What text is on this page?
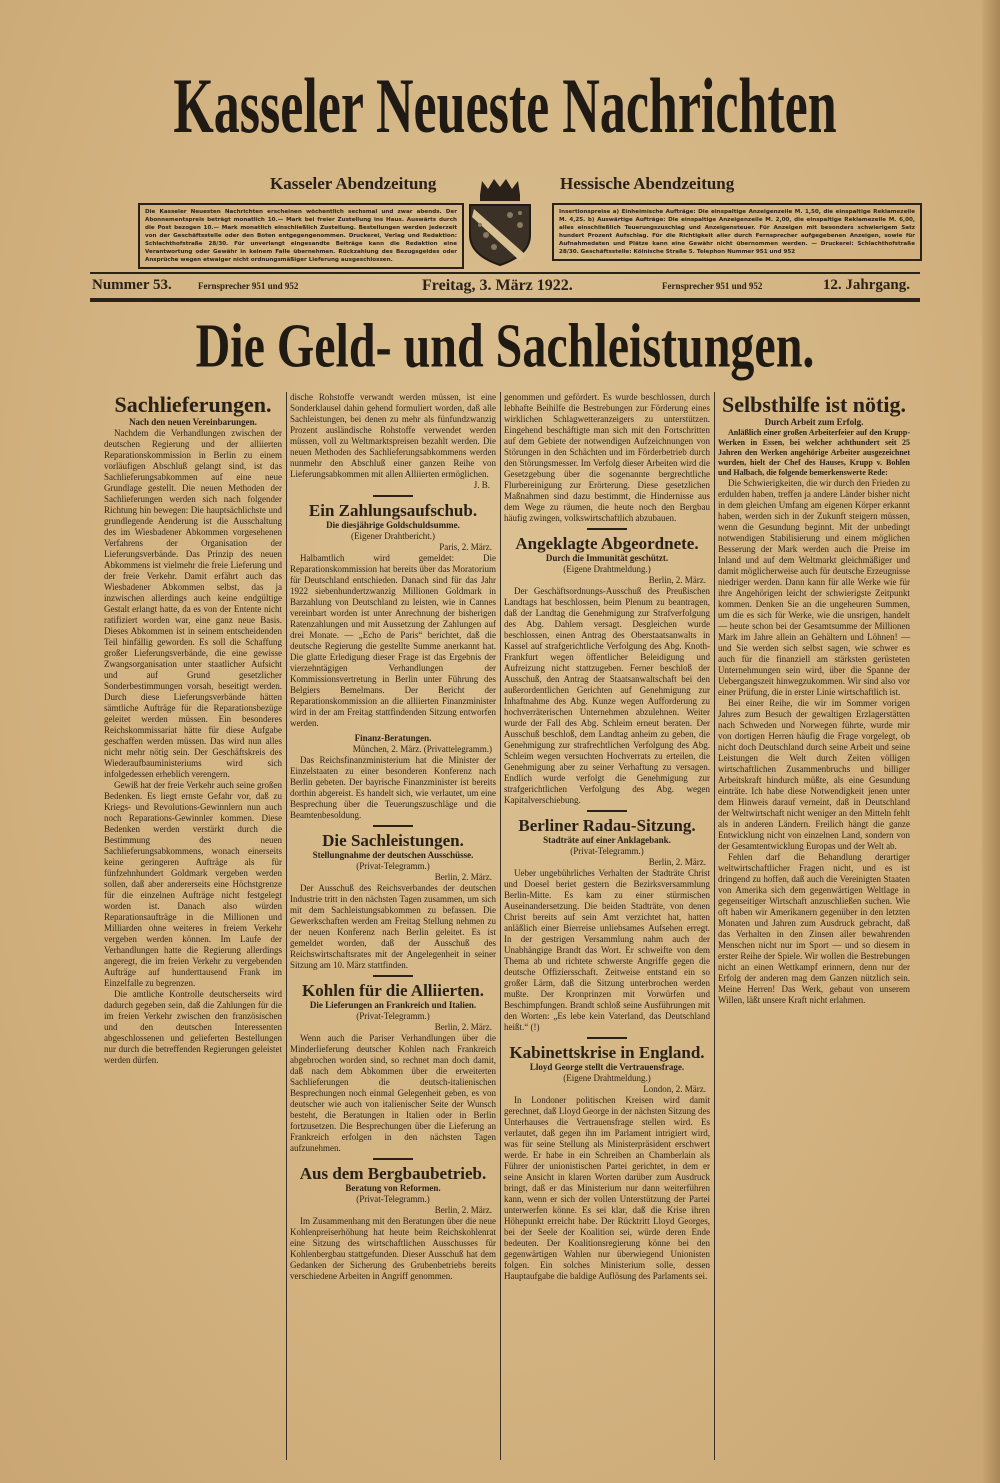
Kasseler Neueste Nachrichten
Kasseler Abendzeitung	Hessische Abendzeitung
Die Kasseler Neuesten Nachrichten erscheinen wöchentlich sechsmal und zwar abends. Der Abonnementspreis beträgt monatlich 10.— Mark bei freier Zustellung ins Haus. Auswärts durch die Post bezogen 10.— Mark monatlich einschließlich Zustellung. Bestellungen werden jederzeit von der Geschäftsstelle oder den Boten entgegengenommen. Druckerei, Verlag und Redaktion: Schlachthofstraße 28/30. Für unverlangt eingesandte Beiträge kann die Redaktion eine Verantwortung oder Gewähr in keinem Falle übernehmen. Rückzahlung des Bezugsgeldes oder Ansprüche wegen etwaiger nicht ordnungsmäßiger Lieferung ausgeschlossen.
Insertionspreise a) Einheimische Aufträge: Die einspaltige Anzeigenzeile M. 1,50, die einspaltige Reklamezeile M. 4,25. b) Auswärtige Aufträge: Die einspaltige Anzeigenzeile M. 2,00, die einspaltige Reklamezeile M. 6,00, alles einschließlich Teuerungszuschlag und Anzeigensteuer. Für Anzeigen mit besonders schwierigem Satz hundert Prozent Aufschlag. Für die Richtigkeit aller durch Fernsprecher aufgegebenen Anzeigen, sowie für Aufnahmedaten und Plätze kann eine Gewähr nicht übernommen werden. — Druckerei: Schlachthofstraße 28/30. Geschäftsstelle: Kölnische Straße 5. Telephon Nummer 951 und 952
Nummer 53.	Fernsprecher 951 und 952	Freitag, 3. März 1922.	Fernsprecher 951 und 952	12. Jahrgang.
Die Geld- und Sachleistungen.
Sachlieferungen.
Nach den neuen Vereinbarungen.

Nachdem die Verhandlungen zwischen der deutschen Regierung und der alliierten Reparationskommission in Berlin zu einem vorläufigen Abschluß gelangt sind, ist das Sachlieferungsabkommen auf eine neue Grundlage gestellt. Die neuen Methoden der Sachlieferungen werden sich nach folgender Richtung hin bewegen: Die hauptsächlichste und grundlegende Aenderung ist die Ausschaltung des im Wiesbadener Abkommen vorgesehenen Verfahrens der Organisation der Lieferungsverbände. Das Prinzip des neuen Abkommens ist vielmehr die freie Lieferung und der freie Verkehr. Damit erfährt auch das Wiesbadener Abkommen selbst, das ja inzwischen allerdings auch keine endgültige Gestalt erlangt hatte, da es von der Entente nicht ratifiziert worden war, eine ganz neue Basis. Dieses Abkommen ist in seinem entscheidenden Teil hinfällig geworden. Es soll die Schaffung großer Lieferungsverbände, die eine gewisse Zwangsorganisation unter staatlicher Aufsicht und auf Grund gesetzlicher Sonderbestimmungen vorsah, beseitigt werden. Durch diese Lieferungsverbände hätten sämtliche Aufträge für die Reparationsbezüge geleitet werden müssen. Ein besonderes Reichskommissariat hätte für diese Aufgabe geschaffen werden müssen. Das wird nun alles nicht mehr nötig sein. Der Geschäftskreis des Wiederaufbauministeriums wird sich infolgedessen erheblich verengern.

Gewiß hat der freie Verkehr auch seine großen Bedenken. Es liegt ernste Gefahr vor, daß zu Kriegs- und Revolutions-Gewinnlern nun auch noch Reparations-Gewinnler kommen. Diese Bedenken werden verstärkt durch die Bestimmung des neuen Sachlieferungsabkommens, wonach einerseits keine geringeren Aufträge als für fünfzehnhundert Goldmark vergeben werden sollen, daß aber andererseits eine Höchstgrenze für die einzelnen Aufträge nicht festgelegt worden ist. Danach also würden Reparationsaufträge in die Millionen und Milliarden ohne weiteres in freiem Verkehr vergeben werden können. Im Laufe der Verhandlungen hatte die Regierung allerdings angeregt, die im freien Verkehr zu vergebenden Aufträge auf hunderttausend Frank im Einzelfalle zu begrenzen.

Die amtliche Kontrolle deutscherseits wird dadurch gegeben sein, daß die Zahlungen für die im freien Verkehr zwischen den französischen und den deutschen Interessenten abgeschlossenen und gelieferten Bestellungen nur durch die betreffenden Regierungen geleistet werden dürfen.

dische Rohstoffe verwandt werden müssen, ist eine Sonderklausel dahin gehend formuliert worden, daß alle Sachleistungen, bei denen zu mehr als fünfundzwanzig Prozent ausländische Rohstoffe verwendet werden müssen, voll zu Weltmarktspreisen bezahlt werden. Die neuen Methoden des Sachlieferungsabkommens werden nunmehr den Abschluß einer ganzen Reihe von Lieferungsabkommen mit allen Alliierten ermöglichen.

J. B.
Ein Zahlungsaufschub.
Die diesjährige Goldschuldsumme.
(Eigener Drahtbericht.)
Paris, 2. März.

Halbamtlich wird gemeldet: Die Reparationskommission hat bereits über das Moratorium für Deutschland entschieden. Danach sind für das Jahr 1922 siebenhundertzwanzig Millionen Goldmark in Barzahlung von Deutschland zu leisten, wie in Cannes vereinbart worden ist unter Anrechnung der bisherigen Ratenzahlungen und mit Aussetzung der Zahlungen auf drei Monate. — „Echo de Paris“ berichtet, daß die deutsche Regierung die gestellte Summe anerkannt hat. Die glatte Erledigung dieser Frage ist das Ergebnis der vierzehntägigen Verhandlungen der Kommissionsvertretung in Berlin unter Führung des Belgiers Bemelmans. Der Bericht der Reparationskommission an die alliierten Finanzminister wird in der am Freitag stattfindenden Sitzung entworfen werden.

Finanz-Beratungen.
München, 2. März. (Privattelegramm.)

Das Reichsfinanzministerium hat die Minister der Einzelstaaten zu einer besonderen Konferenz nach Berlin gebeten. Der bayrische Finanzminister ist bereits dorthin abgereist. Es handelt sich, wie verlautet, um eine Besprechung über die Teuerungszuschläge und die Beamtenbesoldung.

Die Sachleistungen.
Stellungnahme der deutschen Ausschüsse.
(Privat-Telegramm.)
Berlin, 2. März.

Der Ausschuß des Reichsverbandes der deutschen Industrie tritt in den nächsten Tagen zusammen, um sich mit dem Sachleistungsabkommen zu befassen. Die Gewerkschaften werden am Freitag Stellung nehmen zu der neuen Konferenz nach Berlin geleitet. Es ist gemeldet worden, daß der Ausschuß des Reichswirtschaftsrates mit der Angelegenheit in seiner Sitzung am 10. März stattfinden.

Kohlen für die Alliierten.
Die Lieferungen an Frankreich und Italien.
(Privat-Telegramm.)
Berlin, 2. März.

Wenn auch die Pariser Verhandlungen über die Minderlieferung deutscher Kohlen nach Frankreich abgebrochen worden sind, so rechnet man doch damit, daß nach dem Abkommen über die erweiterten Sachlieferungen die deutsch-italienischen Besprechungen noch einmal Gelegenheit geben, es von deutscher wie auch von italienischer Seite der Wunsch besteht, die Beratungen in Italien oder in Berlin fortzusetzen. Die Besprechungen über die Lieferung an Frankreich erfolgen in den nächsten Tagen aufzunehmen.

Aus dem Bergbaubetrieb.
Beratung von Reformen.
(Privat-Telegramm.)
Berlin, 2. März.

Im Zusammenhang mit den Beratungen über die neue Kohlenpreiserhöhung hat heute beim Reichskohlenrat eine Sitzung des wirtschaftlichen Ausschusses für Kohlenbergbau stattgefunden. Dieser Ausschuß hat dem Gedanken der Sicherung des Grubenbetriebs bereits verschiedene Arbeiten in Angriff genommen.

genommen und gefördert. Es wurde beschlossen, durch lebhafte Beihilfe die Bestrebungen zur Förderung eines wirklichen Schlagwetteranzeigers zu unterstützen. Eingehend beschäftigte man sich mit den Fortschritten auf dem Gebiete der notwendigen Aufzeichnungen von Störungen in den Schächten und im Förderbetrieb durch den Störungsmesser. Im Verfolg dieser Arbeiten wird die Gesetzgebung über die sogenannte bergrechtliche Flurbereinigung zur Erörterung. Diese gesetzlichen Maßnahmen sind dazu bestimmt, die Hindernisse aus dem Wege zu räumen, die heute noch den Bergbau häufig zwingen, volkswirtschaftlich abzubauen.

Angeklagte Abgeordnete.
Durch die Immunität geschützt.
(Eigene Drahtmeldung.)
Berlin, 2. März.

Der Geschäftsordnungs-Ausschuß des Preußischen Landtags hat beschlossen, beim Plenum zu beantragen, daß der Landtag die Genehmigung zur Strafverfolgung des Abg. Dahlem versagt. Desgleichen wurde beschlossen, einen Antrag des Oberstaatsanwalts in Kassel auf strafgerichtliche Verfolgung des Abg. Knoth-Frankfurt wegen öffentlicher Beleidigung und Aufreizung nicht stattzugeben. Ferner beschloß der Ausschuß, den Antrag der Staatsanwaltschaft bei den außerordentlichen Gerichten auf Genehmigung zur Inhaftnahme des Abg. Kunze wegen Aufforderung zu hochverräterischen Unternehmen abzulehnen. Weiter wurde der Fall des Abg. Schleim erneut beraten. Der Ausschuß beschloß, dem Landtag anheim zu geben, die Genehmigung zur strafrechtlichen Verfolgung des Abg. Schleim wegen versuchten Hochverrats zu erteilen, die Genehmigung aber zu seiner Verhaftung zu versagen. Endlich wurde verfolgt die Genehmigung zur strafgerichtlichen Verfolgung des Abg. wegen Kapitalverschiebung.

Berliner Radau-Sitzung.
Stadträte auf einer Anklagebank.
(Privat-Telegramm.)
Berlin, 2. März.

Ueber ungebührliches Verhalten der Stadträte Christ und Doesel beriet gestern die Bezirksversammlung Berlin-Mitte. Es kam zu einer stürmischen Auseinandersetzung. Die beiden Stadträte, von denen Christ bereits auf sein Amt verzichtet hat, hatten anläßlich einer Bierreise unliebsames Aufsehen erregt. In der gestrigen Versammlung nahm auch der Unabhängige Brandt das Wort. Er schweifte von dem Thema ab und richtete schwerste Angriffe gegen die deutsche Offiziersschaft. Zeitweise entstand ein so großer Lärm, daß die Sitzung unterbrochen werden mußte. Der Kronprinzen mit Vorwürfen und Beschimpfungen. Brandt schloß seine Ausführungen mit den Worten: „Es lebe kein Vaterland, das Deutschland heißt.“ (!)

Kabinettskrise in England.
Lloyd George stellt die Vertrauensfrage.
(Eigene Drahtmeldung.)
London, 2. März.

In Londoner politischen Kreisen wird damit gerechnet, daß Lloyd George in der nächsten Sitzung des Unterhauses die Vertrauensfrage stellen wird. Es verlautet, daß gegen ihn im Parlament intrigiert wird, was für seine Stellung als Ministerpräsident erschwert werde. Er habe in ein Schreiben an Chamberlain als Führer der unionistischen Partei gerichtet, in dem er seine Ansicht in klaren Worten darüber zum Ausdruck bringt, daß er das Ministerium nur dann weiterführen kann, wenn er sich der vollen Unterstützung der Partei unterwerfen könne. Es sei klar, daß die Krise ihren Höhepunkt erreicht habe. Der Rücktritt Lloyd Georges, bei der Seele der Koalition sei, würde deren Ende bedeuten. Der Koalitionsregierung könne bei den gegenwärtigen Wahlen nur überwiegend Unionisten folgen. Ein solches Ministerium solle, dessen Hauptaufgabe die baldige Auflösung des Parlaments sei.

Selbsthilfe ist nötig.
Durch Arbeit zum Erfolg.

Anläßlich einer großen Arbeiterfeier auf den Krupp-Werken in Essen, bei welcher achthundert seit 25 Jahren den Werken angehörige Arbeiter ausgezeichnet wurden, hielt der Chef des Hauses, Krupp v. Bohlen und Halbach, die folgende bemerkenswerte Rede:

Die Schwierigkeiten, die wir durch den Frieden zu erdulden haben, treffen ja andere Länder bisher nicht in dem gleichen Umfang am eigenen Körper erkannt haben, werden sich in der Zukunft steigern müssen, wenn die Gesundung beginnt. Mit der unbedingt notwendigen Stabilisierung und einem möglichen Besserung der Mark werden auch die Preise im Inland und auf dem Weltmarkt gleichmäßiger und damit möglicherweise auch für deutsche Erzeugnisse niedriger werden. Dann kann für alle Werke wie für ihre Angehörigen leicht der schwierigste Zeitpunkt kommen. Denken Sie an die ungeheuren Summen, um die es sich für Werke, wie die unsrigen, handelt — heute schon bei der Gesamtsumme der Millionen Mark im Jahre allein an Gehältern und Löhnen! — und Sie werden sich selbst sagen, wie schwer es auch für die finanziell am stärksten gerüsteten Unternehmungen sein wird, über die Spanne der Uebergangszeit hinwegzukommen. Wir sind also vor einer Prüfung, die in erster Linie wirtschaftlich ist.

Bei einer Reihe, die wir im Sommer vorigen Jahres zum Besuch der gewaltigen Erzlagerstätten nach Schweden und Norwegen führte, wurde mir von dortigen Herren häufig die Frage vorgelegt, ob nicht doch Deutschland durch seine Arbeit und seine Leistungen die Welt durch Zeiten völligen wirtschaftlichen Zusammenbruchs und billiger Arbeitskraft hindurch müßte, als eine Gesundung einträte. Ich habe diese Notwendigkeit jenen unter dem Hinweis darauf verneint, daß in Deutschland der Weltwirtschaft nicht weniger an den Mitteln fehlt als in anderen Ländern. Freilich hängt die ganze Entwicklung nicht von einzelnen Land, sondern von der Gesamtentwicklung Europas und der Welt ab.

Fehlen darf die Behandlung derartiger weltwirtschaftlicher Fragen nicht, und es ist dringend zu hoffen, daß auch die Vereinigten Staaten von Amerika sich dem gegenwärtigen Weltlage in gegenseitiger Wirtschaft anzuschließen suchen. Wie oft haben wir Amerikanern gegenüber in den letzten Monaten und Jahren zum Ausdruck gebracht, daß das Verhalten in den Zinsen aller bewahrenden Menschen nicht nur im Sport — und so diesem in erster Reihe der Spiele. Wir wollen die Bestrebungen nicht an einen Wettkampf erinnern, denn nur der Erfolg der anderen mag dem Ganzen nützlich sein. Meine Herren! Das Werk, gebaut von unserem Willen, läßt unsere Kraft nicht erlahmen.
